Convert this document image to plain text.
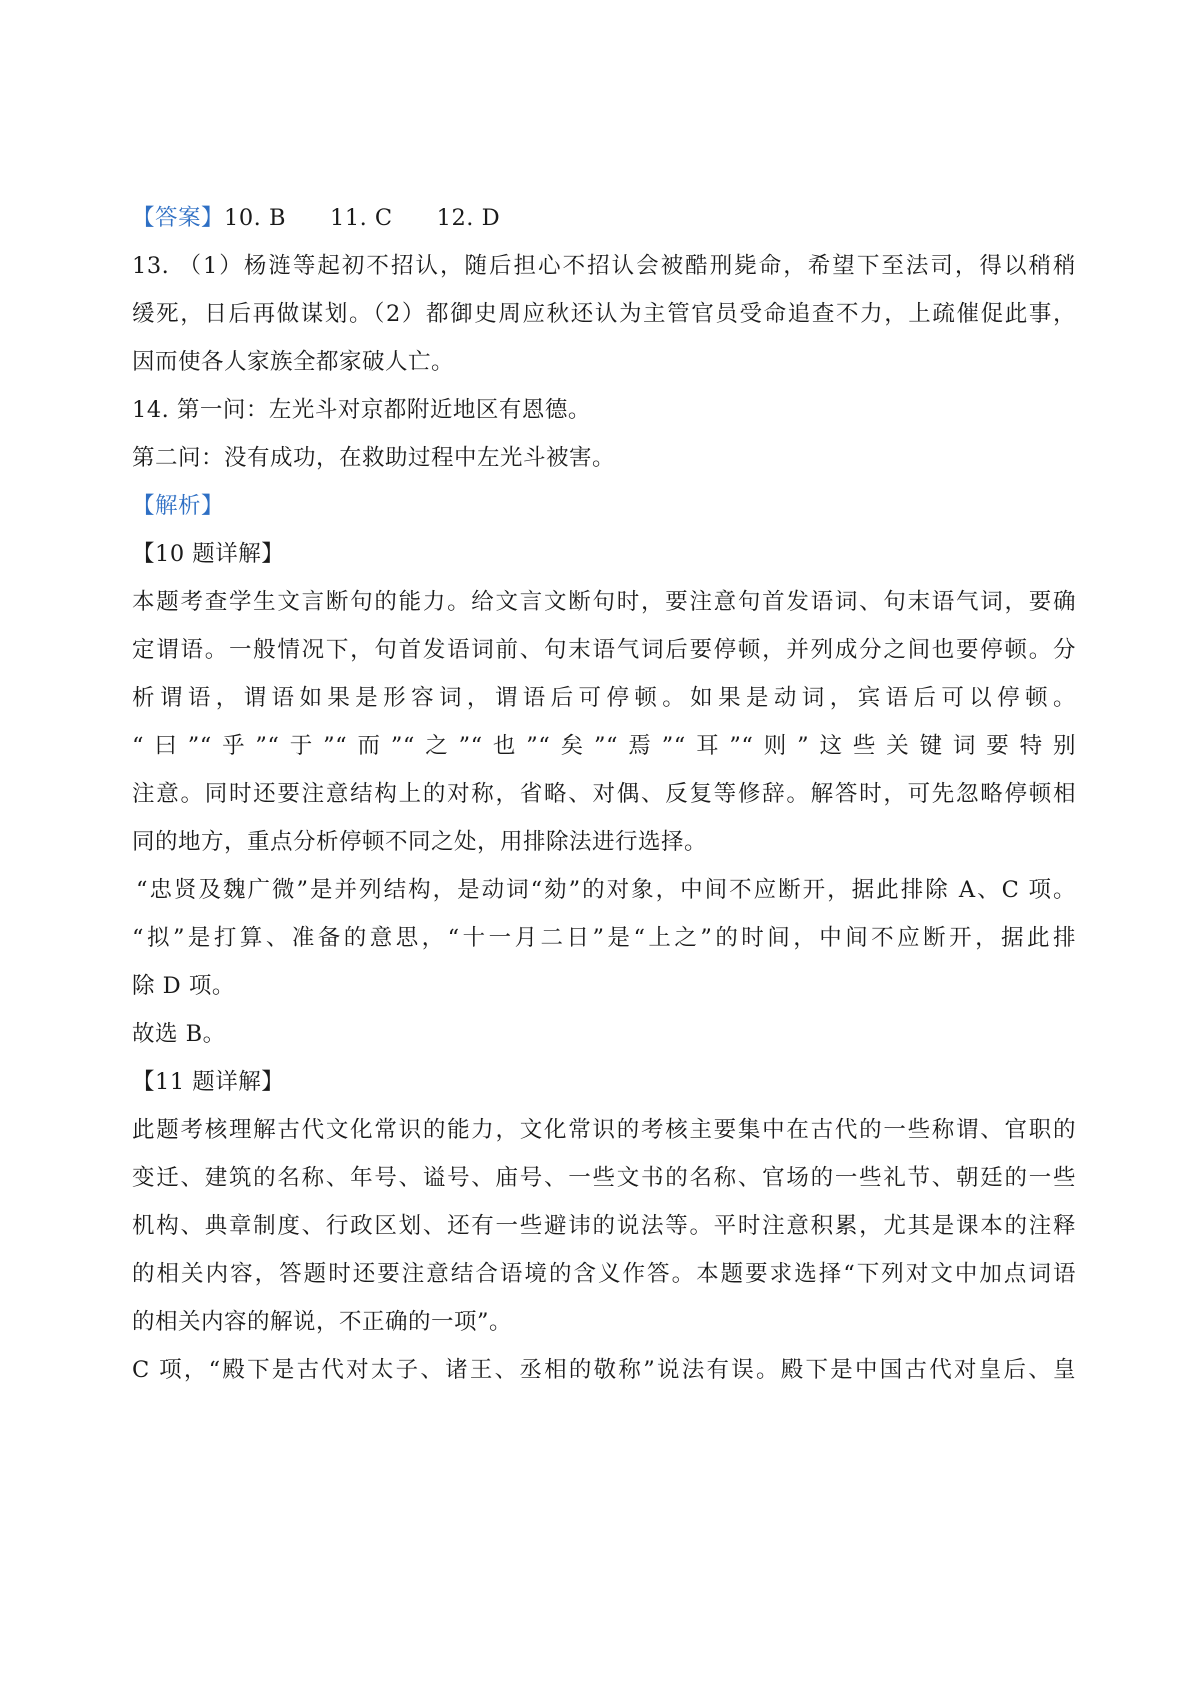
【答案】10. B 11. C 12. D
13. （1）杨涟等起初不招认，随后担心不招认会被酷刑毙命，希望下至法司，得以稍稍
缓死，日后再做谋划。（2）都御史周应秋还认为主管官员受命追查不力，上疏催促此事，
因而使各人家族全都家破人亡。
14. 第一问：左光斗对京都附近地区有恩德。
第二问：没有成功，在救助过程中左光斗被害。
【解析】
【10 题详解】
本题考查学生文言断句的能力。给文言文断句时，要注意句首发语词、句末语气词，要确
定谓语。一般情况下，句首发语词前、句末语气词后要停顿，并列成分之间也要停顿。分
析谓语，谓语如果是形容词，谓语后可停顿。如果是动词，宾语后可以停顿。
“曰”“乎”“于”“而”“之”“也”“矣”“焉”“耳”“则”这些关键词要特别
注意。同时还要注意结构上的对称，省略、对偶、反复等修辞。解答时，可先忽略停顿相
同的地方，重点分析停顿不同之处，用排除法进行选择。
“忠贤及魏广微”是并列结构，是动词“劾”的对象，中间不应断开，据此排除 A、C 项。
“拟”是打算、准备的意思，“十一月二日”是“上之”的时间，中间不应断开，据此排
除 D 项。
故选 B。
【11 题详解】
此题考核理解古代文化常识的能力，文化常识的考核主要集中在古代的一些称谓、官职的
变迁、建筑的名称、年号、谥号、庙号、一些文书的名称、官场的一些礼节、朝廷的一些
机构、典章制度、行政区划、还有一些避讳的说法等。平时注意积累，尤其是课本的注释
的相关内容，答题时还要注意结合语境的含义作答。本题要求选择“下列对文中加点词语
的相关内容的解说，不正确的一项”。
C 项，“殿下是古代对太子、诸王、丞相的敬称”说法有误。殿下是中国古代对皇后、皇
